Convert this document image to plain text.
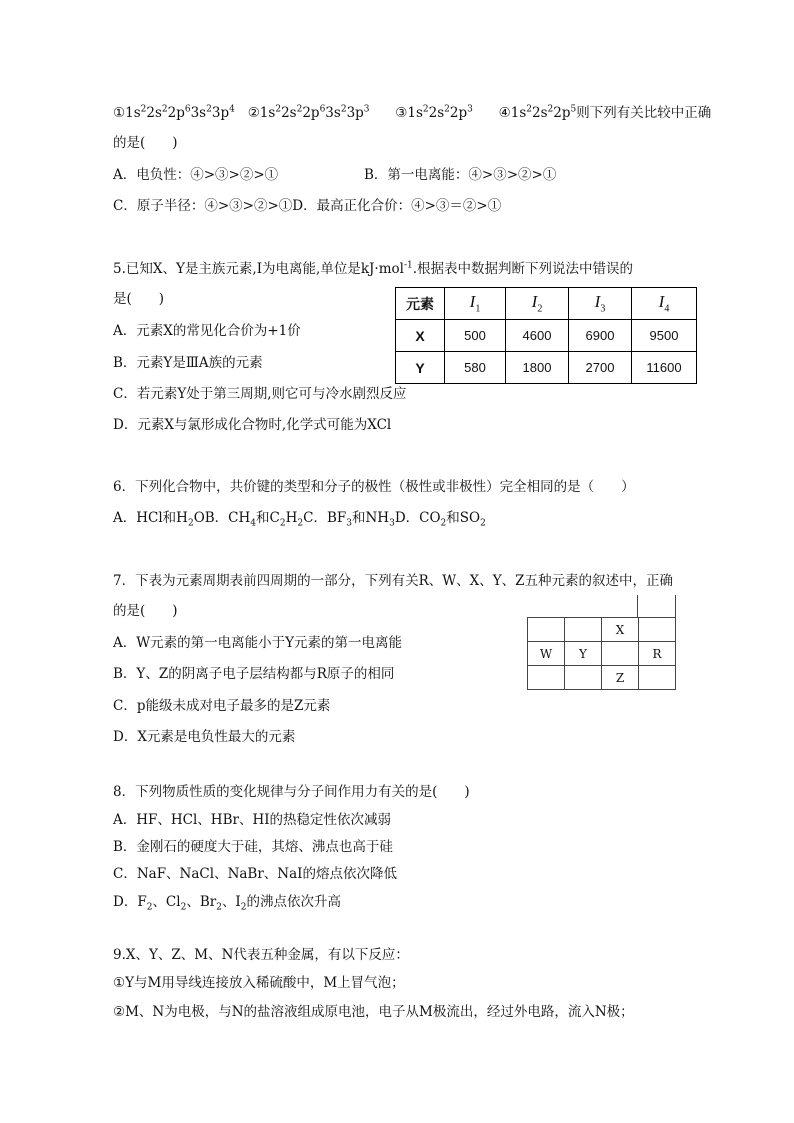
$①1s^22s^22p^63s^23p^4$ $②1s^22s^22p^63s^23p^3$ $③1s^22s^22p^3$ $④1s^22s^22p^5$则下列有关比较中正确
的是(　　)
A．电负性：④>③>②>①	B．第一电离能：④>③>②>①
C．原子半径：④>③>②>①D．最高正化合价：④>③＝②>①
5.已知X、Y是主族元素,I为电离能,单位是kJ·mol$^{-1}$.根据表中数据判断下列说法中错误的
是(　　)
A．元素X的常见化合价为+1价
B．元素Y是ⅢA族的元素
C．若元素Y处于第三周期,则它可与冷水剧烈反应
D．元素X与氯形成化合物时,化学式可能为XCl
元素	$I_1$	$I_2$	$I_3$	$I_4$
X	500	4600	6900	9500
Y	580	1800	2700	11600
6．下列化合物中，共价键的类型和分子的极性（极性或非极性）完全相同的是（　　）
A．HCl和$H_2OB$．$CH_4$和$C_2H_2C$．$BF_3$和$NH_3D$．$CO_2$和$SO_2$
7．下表为元素周期表前四周期的一部分，下列有关R、W、X、Y、Z五种元素的叙述中，正确
的是(　　)
A．W元素的第一电离能小于Y元素的第一电离能
B．Y、Z的阴离子电子层结构都与R原子的相同
C．p能级未成对电子最多的是Z元素
D．X元素是电负性最大的元素
		X	
W	Y		R
		Z	
8．下列物质性质的变化规律与分子间作用力有关的是(　　)
A．HF、HCl、HBr、HI的热稳定性依次减弱
B．金刚石的硬度大于硅，其熔、沸点也高于硅
C．NaF、NaCl、NaBr、NaI的熔点依次降低
D．$F_2$、$Cl_2$、$Br_2$、$I_2$的沸点依次升高
9.X、Y、Z、M、N代表五种金属，有以下反应：
①Y与M用导线连接放入稀硫酸中，M上冒气泡；
②M、N为电极，与N的盐溶液组成原电池，电子从M极流出，经过外电路，流入N极；
